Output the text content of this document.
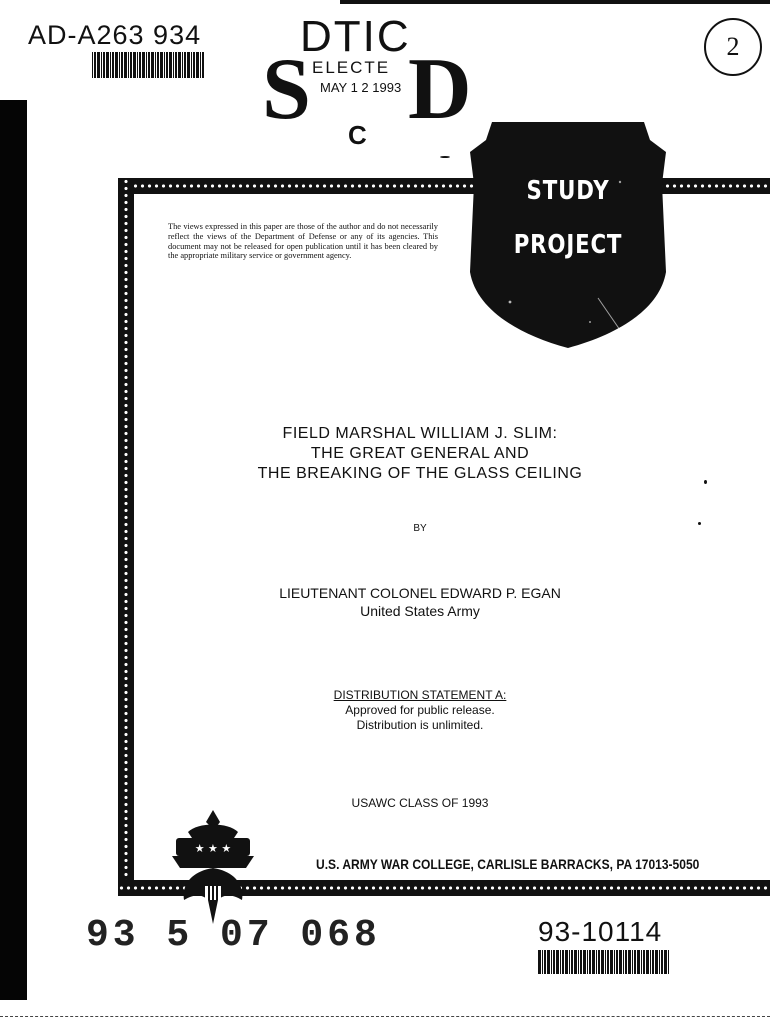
AD-A263 934
S
DTIC
ELECTE
MAY 1 2 1993 D
C
2
The views expressed in this paper are those of the author and do not necessarily reflect the views of the Department of Defense or any of its agencies. This document may not be released for open publication until it has been cleared by the appropriate military service or government agency.
STUDY
PROJECT
FIELD MARSHAL WILLIAM J. SLIM:
THE GREAT GENERAL AND
THE BREAKING OF THE GLASS CEILING
BY
LIEUTENANT COLONEL EDWARD P. EGAN
United States Army
DISTRIBUTION STATEMENT A:
Approved for public release.
Distribution is unlimited.
USAWC CLASS OF 1993
★ ★ ★
U.S. ARMY WAR COLLEGE, CARLISLE BARRACKS, PA 17013-5050
93 5 07 068	93-10114
